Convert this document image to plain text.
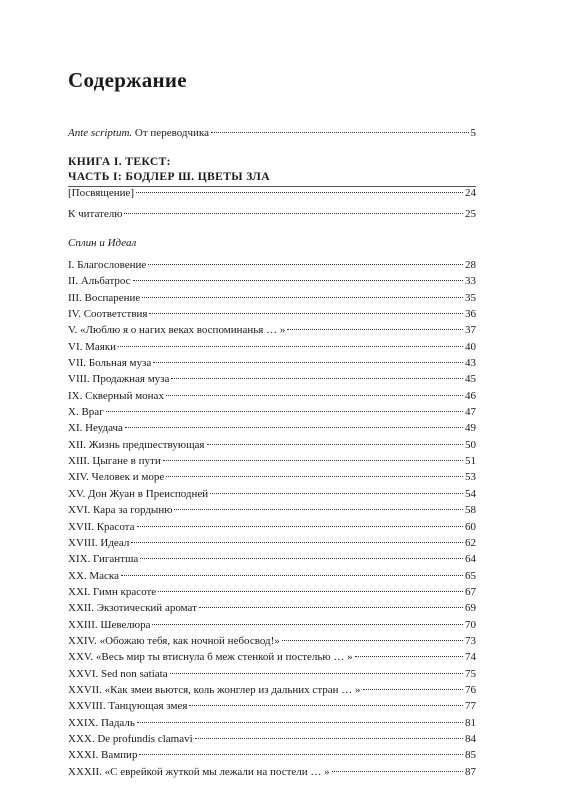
Содержание
Ante scriptum. От переводчика	5
КНИГА I. ТЕКСТ:
ЧАСТЬ I: БОДЛЕР Ш. ЦВЕТЫ ЗЛА
[Посвящение]	24
К читателю	25
Сплин и Идеал
I. Благословение	28
II. Альбатрос	33
III. Воспарение	35
IV. Соответствия	36
V. «Люблю я о нагих веках воспоминанья … »	37
VI. Маяки	40
VII. Больная муза	43
VIII. Продажная муза	45
IX. Скверный монах	46
X. Враг	47
XI. Неудача	49
XII. Жизнь предшествующая	50
XIII. Цыгане в пути	51
XIV. Человек и море	53
XV. Дон Жуан в Преисподней	54
XVI. Кара за гордыню	58
XVII. Красота	60
XVIII. Идеал	62
XIX. Гигантша	64
XX. Маска	65
XXI. Гимн красоте	67
XXII. Экзотический аромат	69
XXIII. Шевелюра	70
XXIV. «Обожаю тебя, как ночной небосвод!»	73
XXV. «Весь мир ты втиснула б меж стенкой и постелью … »	74
XXVI. Sed non satiata	75
XXVII. «Как змеи вьются, коль жонглер из дальних стран … »	76
XXVIII. Танцующая змея	77
XXIX. Падаль	81
XXX. De profundis clamavi	84
XXXI. Вампир	85
XXXII. «С еврейкой жуткой мы лежали на постели … »	87
